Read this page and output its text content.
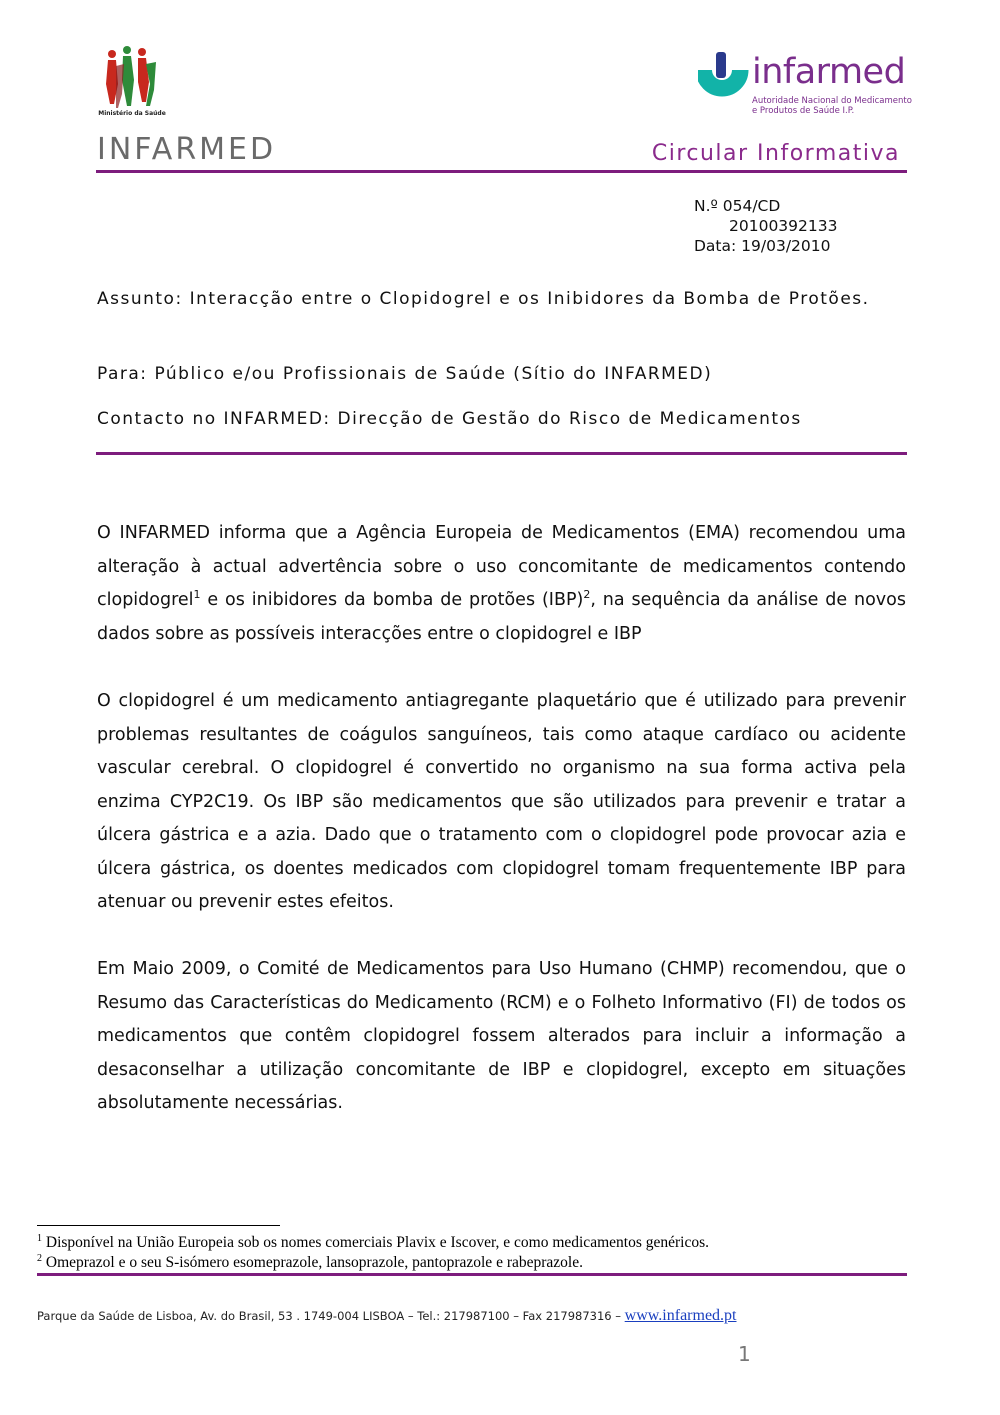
Ministério da Saúde
infarmed
Autoridade Nacional do Medicamento
e Produtos de Saúde I.P.
INFARMED	Circular Informativa
N.º 054/CD
20100392133
Data: 19/03/2010
Assunto: Interacção entre o Clopidogrel e os Inibidores da Bomba de Protões.
Para: Público e/ou Profissionais de Saúde (Sítio do INFARMED)
Contacto no INFARMED: Direcção de Gestão do Risco de Medicamentos
O INFARMED informa que a Agência Europeia de Medicamentos (EMA) recomendou uma alteração à actual advertência sobre o uso concomitante de medicamentos contendo clopidogrel$^1$ e os inibidores da bomba de protões (IBP)$^2$, na sequência da análise de novos dados sobre as possíveis interacções entre o clopidogrel e IBP
O clopidogrel é um medicamento antiagregante plaquetário que é utilizado para prevenir problemas resultantes de coágulos sanguíneos, tais como ataque cardíaco ou acidente vascular cerebral. O clopidogrel é convertido no organismo na sua forma activa pela enzima CYP2C19. Os IBP são medicamentos que são utilizados para prevenir e tratar a úlcera gástrica e a azia. Dado que o tratamento com o clopidogrel pode provocar azia e úlcera gástrica, os doentes medicados com clopidogrel tomam frequentemente IBP para atenuar ou prevenir estes efeitos.
Em Maio 2009, o Comité de Medicamentos para Uso Humano (CHMP) recomendou, que o Resumo das Características do Medicamento (RCM) e o Folheto Informativo (FI) de todos os medicamentos que contêm clopidogrel fossem alterados para incluir a informação a desaconselhar a utilização concomitante de IBP e clopidogrel, excepto em situações absolutamente necessárias.
$^1$ Disponível na União Europeia sob os nomes comerciais Plavix e Iscover, e como medicamentos genéricos.
$^2$ Omeprazol e o seu S-isómero esomeprazole, lansoprazole, pantoprazole e rabeprazole.
Parque da Saúde de Lisboa, Av. do Brasil, 53 . 1749-004 LISBOA – Tel.: 217987100 – Fax 217987316 – www.infarmed.pt
1
